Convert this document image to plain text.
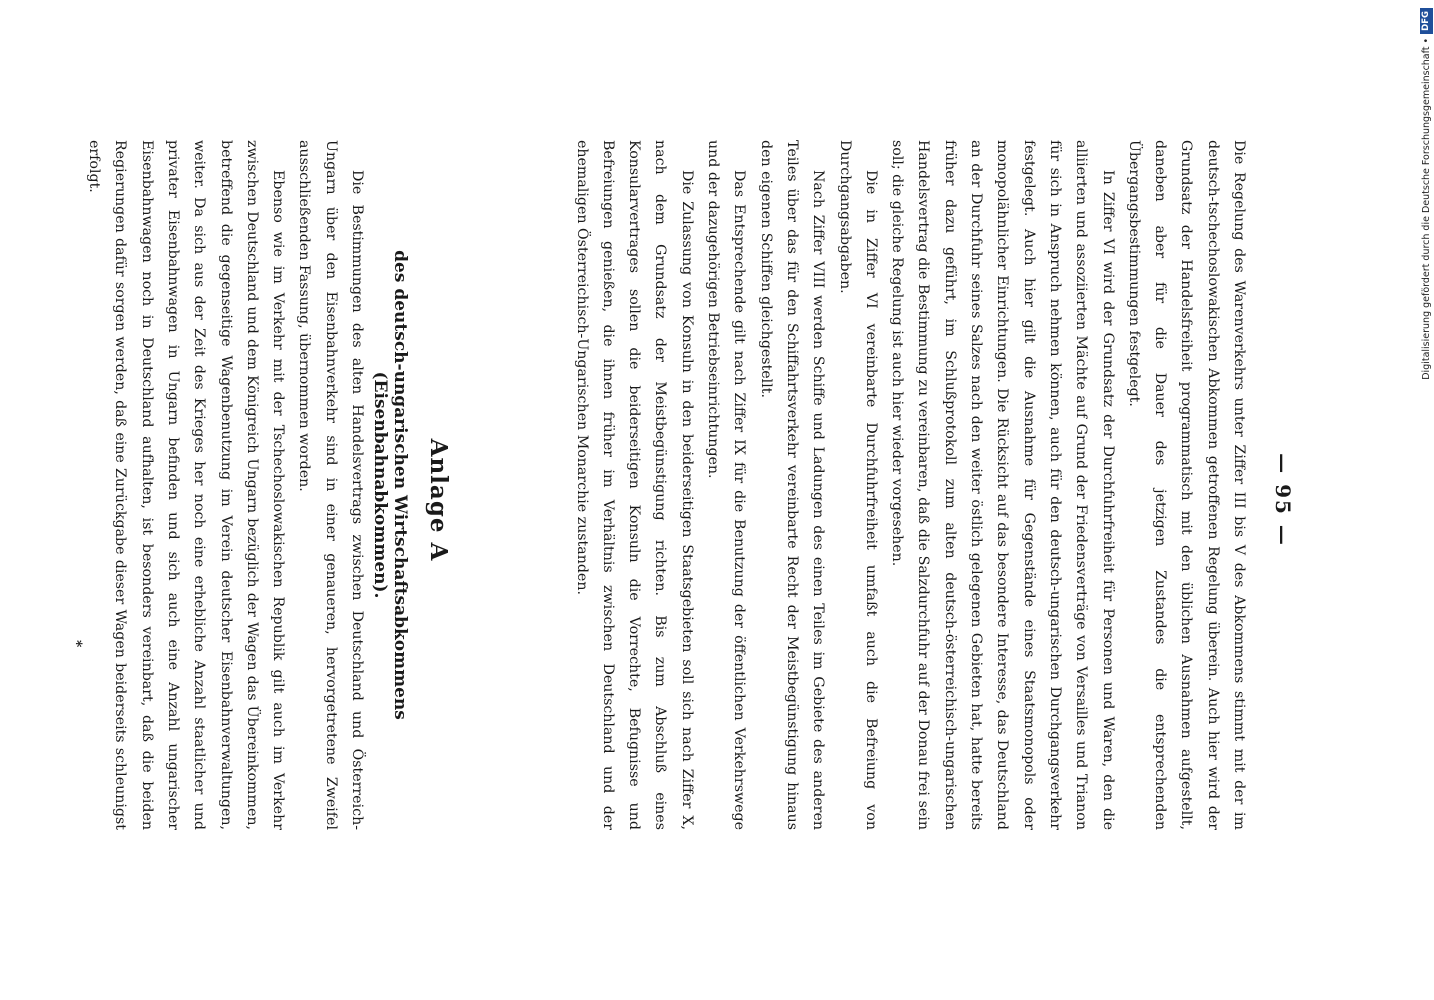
— 95 —

Die Regelung des Warenverkehrs unter Ziffer III bis V des Abkommens stimmt mit der im deutsch-tschechoslowakischen Abkommen getroffenen Regelung überein. Auch hier wird der Grundsatz der Handelsfreiheit programmatisch mit den üblichen Ausnahmen aufgestellt, daneben aber für die Dauer des jetzigen Zustandes die entsprechenden Übergangsbestimmungen festgelegt.

In Ziffer VI wird der Grundsatz der Durchfuhrfreiheit für Personen und Waren, den die alliierten und assoziierten Mächte auf Grund der Friedensverträge von Versailles und Trianon für sich in Anspruch nehmen können, auch für den deutsch-ungarischen Durchgangsverkehr festgelegt. Auch hier gilt die Ausnahme für Gegenstände eines Staatsmonopols oder monopolähnlicher Einrichtungen. Die Rücksicht auf das besondere Interesse, das Deutschland an der Durchfuhr seines Salzes nach den weiter östlich gelegenen Gebieten hat, hatte bereits früher dazu geführt, im Schlußprotokoll zum alten deutsch-österreichisch-ungarischen Handelsvertrag die Bestimmung zu vereinbaren, daß die Salzdurchfuhr auf der Donau frei sein soll; die gleiche Regelung ist auch hier wieder vorgesehen.

Die in Ziffer VI vereinbarte Durchfuhrfreiheit umfaßt auch die Befreiung von Durchgangsabgaben.

Nach Ziffer VIII werden Schiffe und Ladungen des einen Teiles im Gebiete des anderen Teiles über das für den Schiffahrtsverkehr vereinbarte Recht der Meistbegünstigung hinaus den eigenen Schiffen gleichgestellt.

Das Entsprechende gilt nach Ziffer IX für die Benutzung der öffentlichen Verkehrswege und der dazugehörigen Betriebseinrichtungen.

Die Zulassung von Konsuln in den beiderseitigen Staatsgebieten soll sich nach Ziffer X, nach dem Grundsatz der Meistbegünstigung richten. Bis zum Abschluß eines Konsularvertrages sollen die beiderseitigen Konsuln die Vorrechte, Befugnisse und Befreiungen genießen, die ihnen früher im Verhältnis zwischen Deutschland und der ehemaligen Österreichisch-Ungarischen Monarchie zustanden.

Anlage A
des deutsch-ungarischen Wirtschaftsabkommens (Eisenbahnabkommen).

Die Bestimmungen des alten Handelsvertrags zwischen Deutschland und Österreich-Ungarn über den Eisenbahnverkehr sind in einer genaueren, hervorgetretene Zweifel ausschließenden Fassung, übernommen worden.

Ebenso wie im Verkehr mit der Tschechoslowakischen Republik gilt auch im Verkehr zwischen Deutschland und dem Königreich Ungarn bezüglich der Wagen das Übereinkommen, betreffend die gegenseitige Wagenbenutzung im Verein deutscher Eisenbahnverwaltungen, weiter. Da sich aus der Zeit des Krieges her noch eine erhebliche Anzahl staatlicher und privater Eisenbahnwagen in Ungarn befinden und sich auch eine Anzahl ungarischer Eisenbahnwagen noch in Deutschland aufhalten, ist besonders vereinbart, daß die beiden Regierungen dafür sorgen werden, daß eine Zurückgabe dieser Wagen beiderseits schleunigst erfolgt.

*
Digitalisierung gefördert durch die Deutsche Forschungsgemeinschaft •
DFG
